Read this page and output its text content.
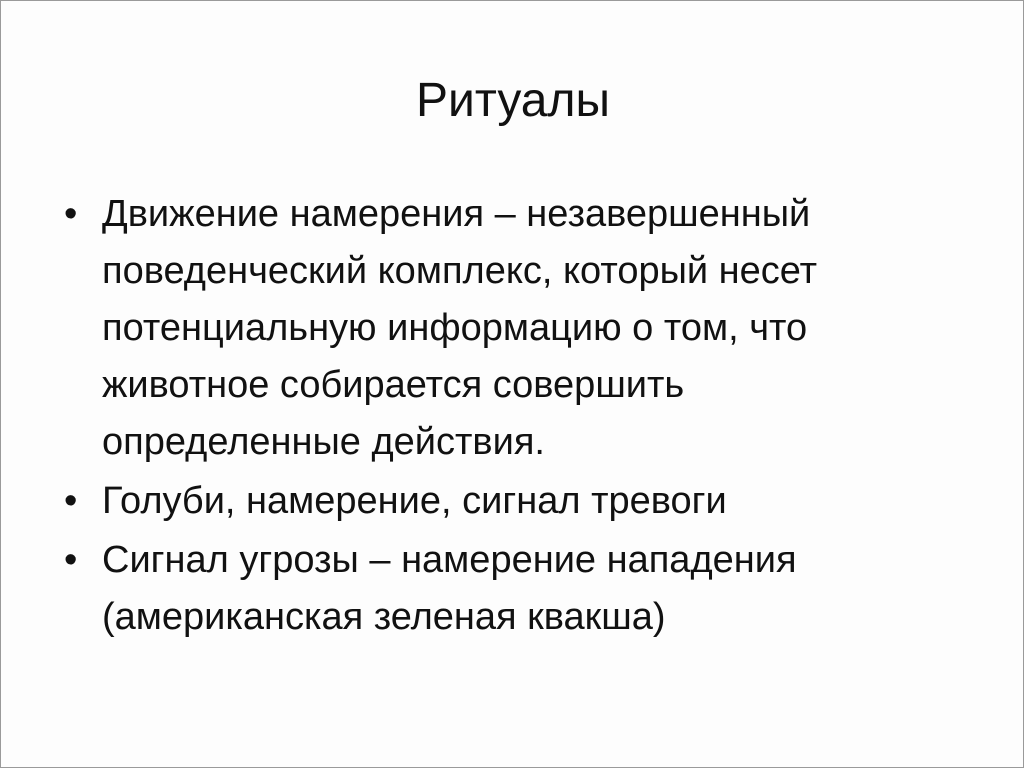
Ритуалы
• Движение намерения – незавершенный
поведенческий комплекс, который несет
потенциальную информацию о том, что
животное собирается совершить
определенные действия.
• Голуби, намерение, сигнал тревоги
• Сигнал угрозы – намерение нападения
(американская зеленая квакша)
